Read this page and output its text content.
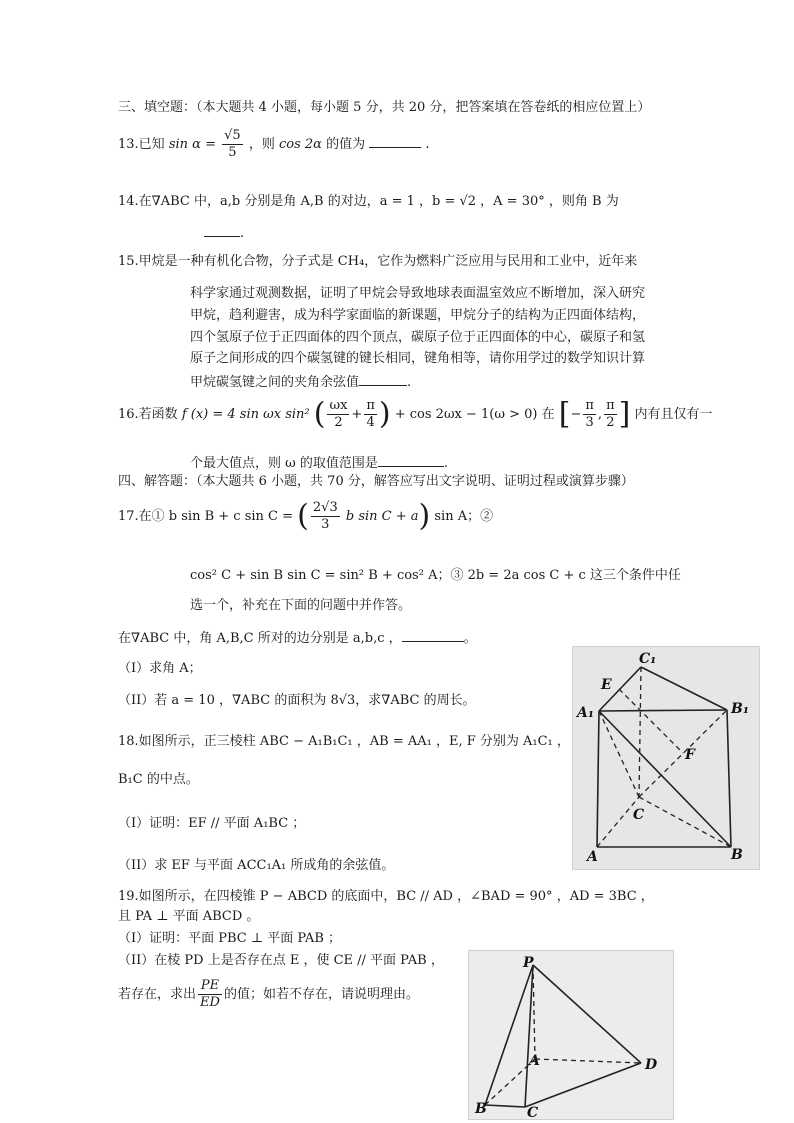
三、填空题：（本大题共 4 小题，每小题 5 分，共 20 分，把答案填在答卷纸的相应位置上）
13.已知 $\sin \alpha = \frac{√5}{5}$ ，则 cos 2α 的值为	.
14.在∇ABC 中，a,b 分别是角 A,B 的对边，a = 1 ，b = √2 ，A = 30° ，则角 B 为
.
15.甲烷是一种有机化合物，分子式是 CH₄，它作为燃料广泛应用与民用和工业中，近年来
科学家通过观测数据，证明了甲烷会导致地球表面温室效应不断增加，深入研究
甲烷，趋利避害，成为科学家面临的新课题，甲烷分子的结构为正四面体结构，
四个氢原子位于正四面体的四个顶点，碳原子位于正四面体的中心，碳原子和氢
原子之间形成的四个碳氢键的键长相同，键角相等，请你用学过的数学知识计算
甲烷碳氢键之间的夹角余弦值	.
16.若函数 f (x) = 4 sin ωx sin² ( $\frac{\omega x}{2} + \frac{\pi}{4}$ ) + cos 2ωx − 1(ω > 0) 在 [− $\frac{\pi}{3}$ , $\frac{\pi}{2}$ ] 内有且仅有一
个最大值点，则 ω 的取值范围是	.
四、解答题：（本大题共 6 小题，共 70 分，解答应写出文字说明、证明过程或演算步骤）
17.在① b sin B + c sin C = ( $\frac{2√3}{3}$ b sin C + a) sin A；②
cos² C + sin B sin C = sin² B + cos² A；③ 2b = 2a cos C + c 这三个条件中任
选一个，补充在下面的问题中并作答。
在∇ABC 中，角 A,B,C 所对的边分别是 a,b,c ，	。
（I）求角 A；
（II）若 a = 10 ，∇ABC 的面积为 8√3，求∇ABC 的周长。
18.如图所示，正三棱柱 ABC − A₁B₁C₁ ，AB = AA₁ ，E, F 分别为 A₁C₁ ，
B₁C 的中点。
（I）证明：EF // 平面 A₁BC ；
（II）求 EF 与平面 ACC₁A₁ 所成角的余弦值。
C₁
E
A₁	B₁
F
C
A	B
19.如图所示，在四棱锥 P − ABCD 的底面中，BC // AD ，∠BAD = 90° ，AD = 3BC ，
且 PA ⊥ 平面 ABCD 。
（I）证明：平面 PBC ⊥ 平面 PAB ；
（II）在棱 PD 上是否存在点 E ，使 CE // 平面 PAB ，
若存在，求出 $\frac{PE}{ED}$ 的值；如若不存在，请说明理由。
P
A	D
B	C
